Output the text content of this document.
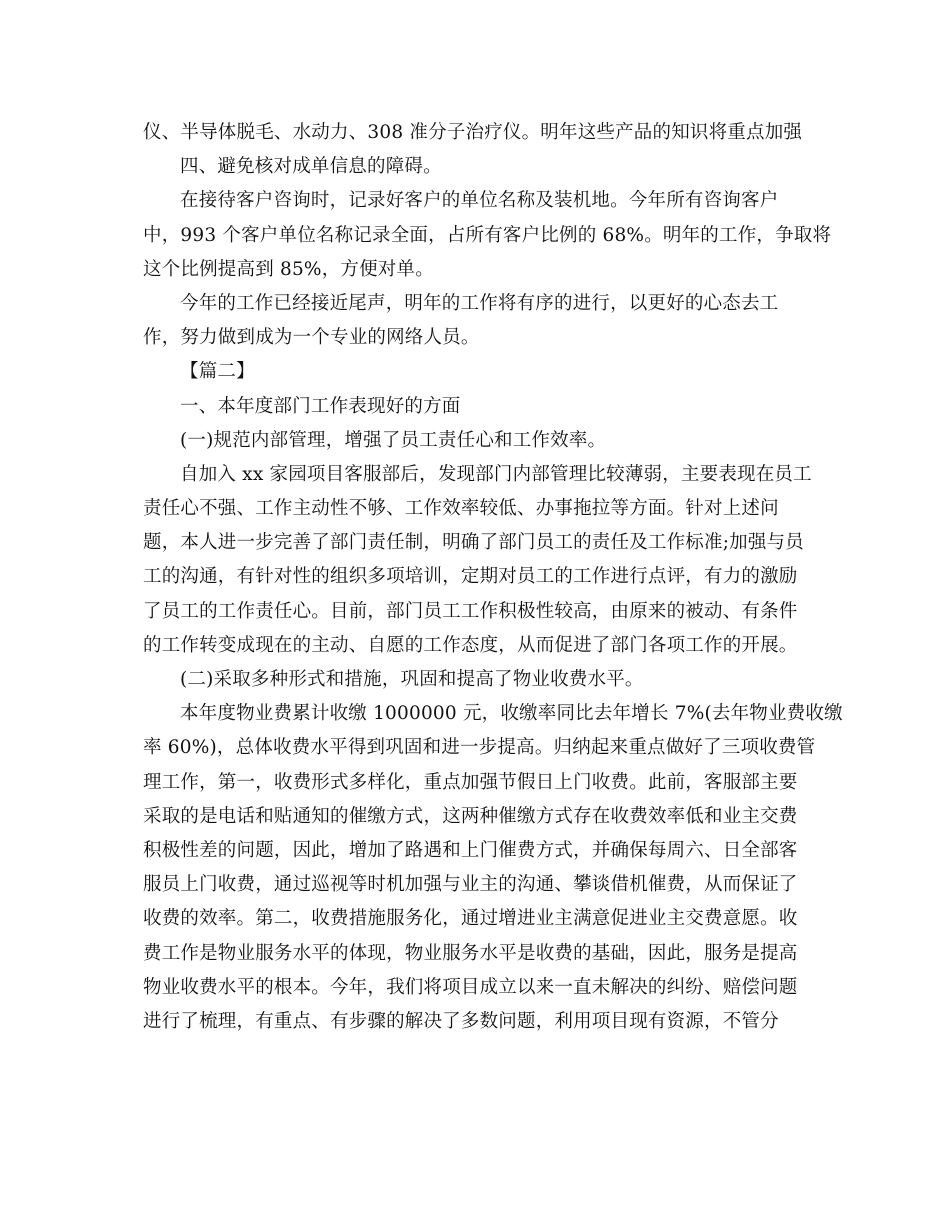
仪、半导体脱毛、水动力、308 准分子治疗仪。明年这些产品的知识将重点加强
四、避免核对成单信息的障碍。
在接待客户咨询时，记录好客户的单位名称及装机地。今年所有咨询客户
中，993 个客户单位名称记录全面，占所有客户比例的 68%。明年的工作，争取将
这个比例提高到 85%，方便对单。
今年的工作已经接近尾声，明年的工作将有序的进行，以更好的心态去工
作，努力做到成为一个专业的网络人员。
【篇二】
一、本年度部门工作表现好的方面
(一)规范内部管理，增强了员工责任心和工作效率。
自加入 xx 家园项目客服部后，发现部门内部管理比较薄弱，主要表现在员工
责任心不强、工作主动性不够、工作效率较低、办事拖拉等方面。针对上述问
题，本人进一步完善了部门责任制，明确了部门员工的责任及工作标准;加强与员
工的沟通，有针对性的组织多项培训，定期对员工的工作进行点评，有力的激励
了员工的工作责任心。目前，部门员工工作积极性较高，由原来的被动、有条件
的工作转变成现在的主动、自愿的工作态度，从而促进了部门各项工作的开展。
(二)采取多种形式和措施，巩固和提高了物业收费水平。
本年度物业费累计收缴 1000000 元，收缴率同比去年增长 7%(去年物业费收缴
率 60%)，总体收费水平得到巩固和进一步提高。归纳起来重点做好了三项收费管
理工作，第一，收费形式多样化，重点加强节假日上门收费。此前，客服部主要
采取的是电话和贴通知的催缴方式，这两种催缴方式存在收费效率低和业主交费
积极性差的问题，因此，增加了路遇和上门催费方式，并确保每周六、日全部客
服员上门收费，通过巡视等时机加强与业主的沟通、攀谈借机催费，从而保证了
收费的效率。第二，收费措施服务化，通过增进业主满意促进业主交费意愿。收
费工作是物业服务水平的体现，物业服务水平是收费的基础，因此，服务是提高
物业收费水平的根本。今年，我们将项目成立以来一直未解决的纠纷、赔偿问题
进行了梳理，有重点、有步骤的解决了多数问题，利用项目现有资源，不管分
